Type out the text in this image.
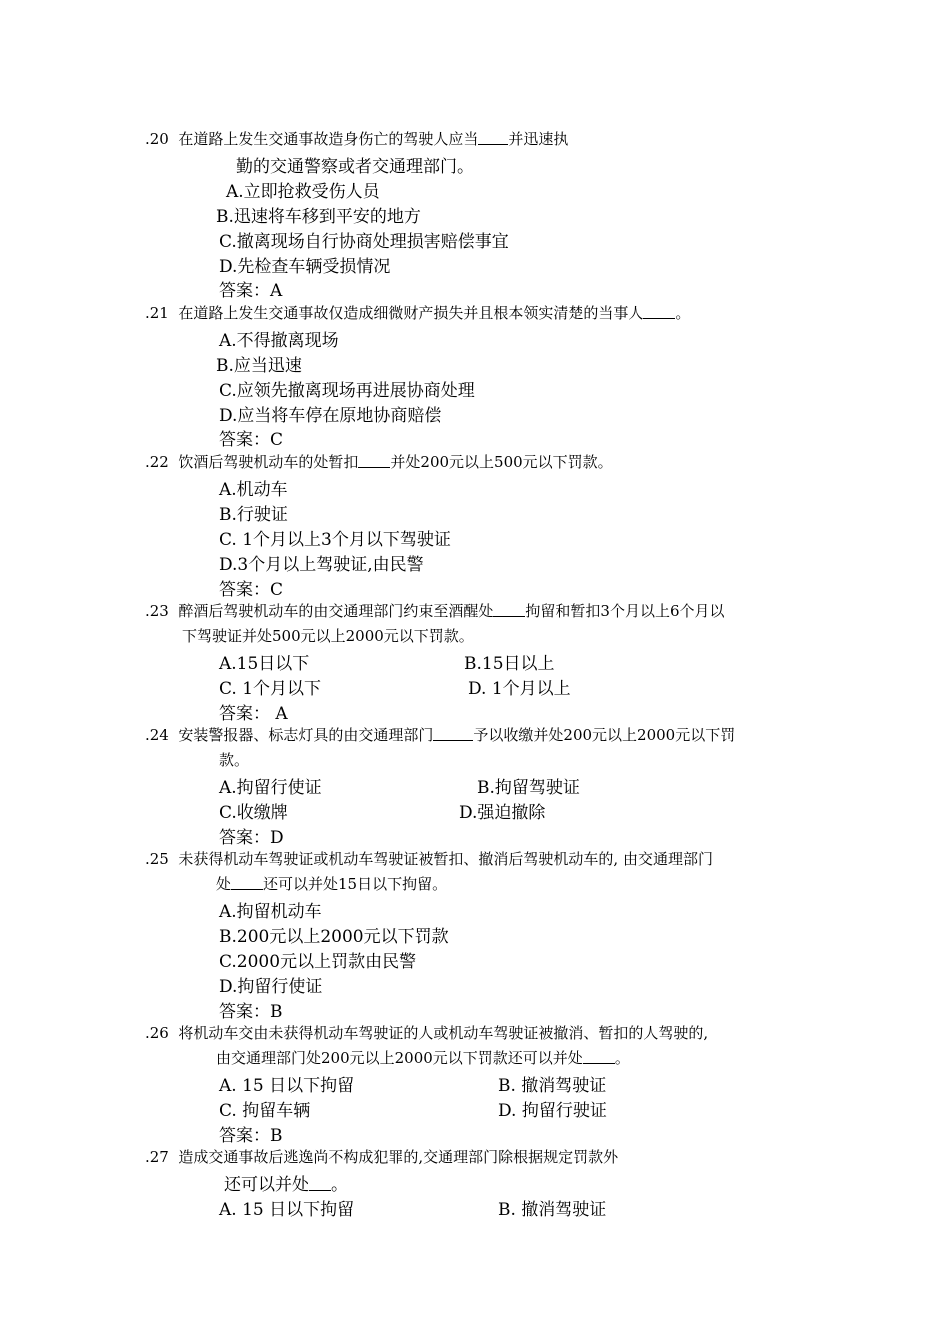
.20 在道路上发生交通事故造身伤亡的驾驶人应当 并迅速执
勤的交通警察或者交通理部门。
A.立即抢救受伤人员
B.迅速将车移到平安的地方
C.撤离现场自行协商处理损害赔偿事宜
D.先检查车辆受损情况
答案：A
.21 在道路上发生交通事故仅造成细微财产损失并且根本领实清楚的当事人 。
A.不得撤离现场
B.应当迅速
C.应领先撤离现场再进展协商处理
D.应当将车停在原地协商赔偿
答案：C
.22 饮酒后驾驶机动车的处暂扣 并处200元以上500元以下罚款。
A.机动车
B.行驶证
C. 1个月以上3个月以下驾驶证
D.3个月以上驾驶证,由民警
答案：C
.23 醉酒后驾驶机动车的由交通理部门约束至酒醒处 拘留和暂扣3个月以上6个月以
下驾驶证并处500元以上2000元以下罚款。
A.15日以下	B.15日以上
C. 1个月以下	D. 1个月以上
答案： A
.24 安装警报器、标志灯具的由交通理部门	予以收缴并处200元以上2000元以下罚
款。
A.拘留行使证	B.拘留驾驶证
C.收缴牌	D.强迫撤除
答案：D
.25 未获得机动车驾驶证或机动车驾驶证被暂扣、撤消后驾驶机动车的, 由交通理部门
处 还可以并处15日以下拘留。
A.拘留机动车
B.200元以上2000元以下罚款
C.2000元以上罚款由民警
D.拘留行使证
答案：B
.26 将机动车交由未获得机动车驾驶证的人或机动车驾驶证被撤消、暂扣的人驾驶的,
由交通理部门处200元以上2000元以下罚款还可以并处 。
A. 15 日以下拘留	B. 撤消驾驶证
C. 拘留车辆	D. 拘留行驶证
答案：B
.27 造成交通事故后逃逸尚不构成犯罪的,交通理部门除根据规定罚款外
还可以并处 。
A. 15 日以下拘留	B. 撤消驾驶证
